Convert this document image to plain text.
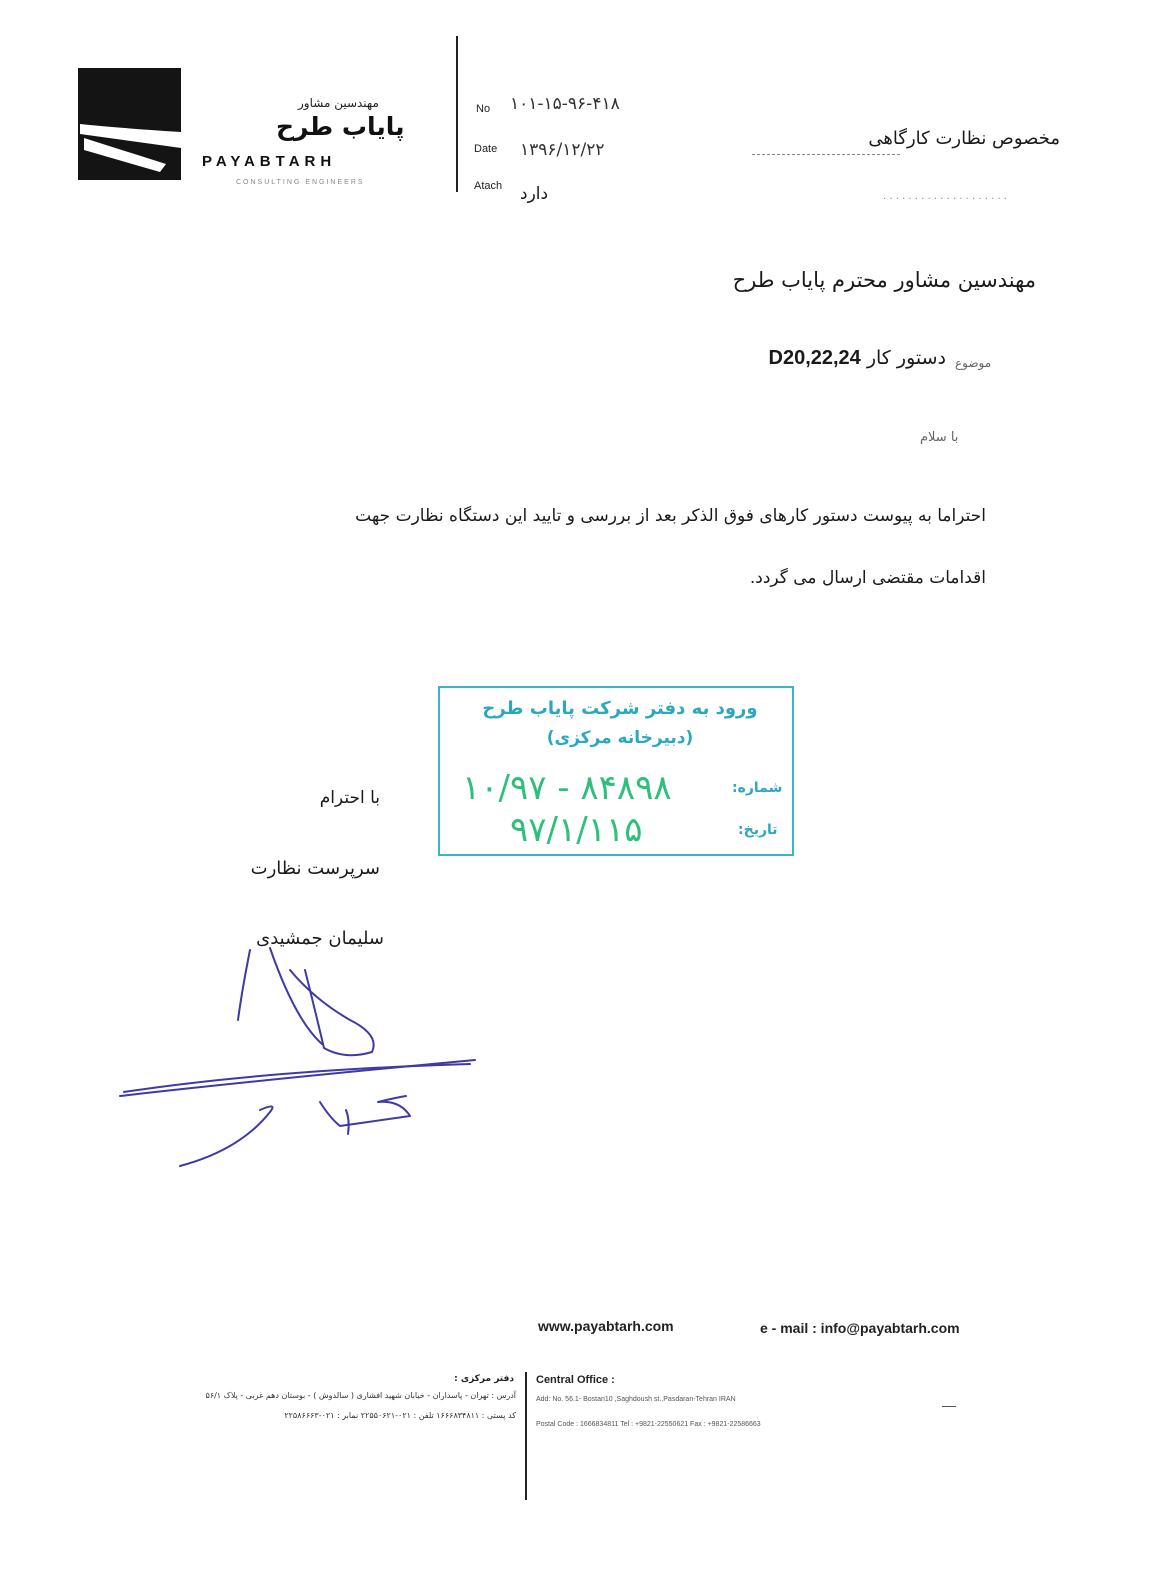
مهندسین مشاور
پایاب طرح
PAYABTARH
CONSULTING ENGINEERS
No ۱۰۱-۱۵-۹۶-۴۱۸
Date ۱۳۹۶/۱۲/۲۲
Atach دارد
مخصوص نظارت کارگاهی
· · · · · · · · · · · · · · · · · · · ·
مهندسین مشاور محترم پایاب طرح
موضوع
دستور کار D20,22,24
با سلام
احتراما به پیوست دستور کارهای فوق الذکر بعد از بررسی و تایید این دستگاه نظارت جهت
اقدامات مقتضی ارسال می گردد.
ورود به دفتر شرکت پایاب طرح
(دبیرخانه مرکزی)
شماره:
۱۰/۹۷ - ۸۴۸۹۸
تاریخ:
۹۷/۱/۱۱۵
با احترام
سرپرست نظارت
سلیمان جمشیدی
www.payabtarh.com	e - mail : info@payabtarh.com
Central Office :
Add: No. 56.1- Bostan10 ,Saghdoush st.,Pasdaran-Tehran IRAN
Postal Code : 1666834811 Tel : +9821-22550621 Fax : +9821-22586663
دفتر مرکزی :
آدرس : تهران - پاسداران - خیابان شهید افشاری ( سالدوش ) - بوستان دهم غربی - پلاک ۵۶/۱
کد پستی : ۱۶۶۶۸۳۴۸۱۱ تلفن : ۰۲۱-۲۲۵۵۰۶۲۱ نمابر : ۰۲۱-۲۲۵۸۶۶۶۳
